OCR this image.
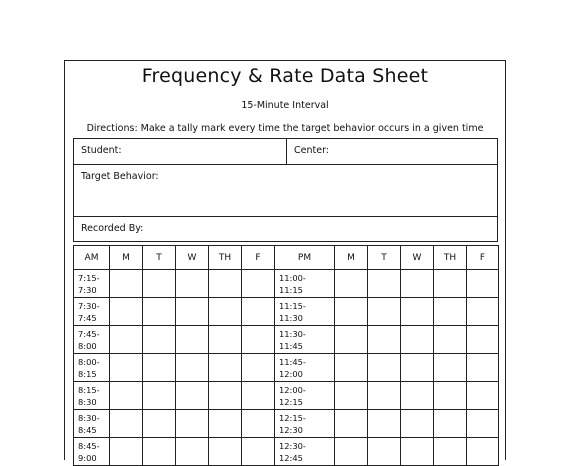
Frequency & Rate Data Sheet
15-Minute Interval
Directions: Make a tally mark every time the target behavior occurs in a given time
Student:	Center:
Target Behavior:
Recorded By:
AM	M	T	W	TH	F	PM	M	T	W	TH	F

7:15-
7:30						11:00-
11:15					

7:30-
7:45						11:15-
11:30					

7:45-
8:00						11:30-
11:45					

8:00-
8:15						11:45-
12:00					

8:15-
8:30						12:00-
12:15					

8:30-
8:45						12:15-
12:30					

8:45-
9:00						12:30-
12:45					
